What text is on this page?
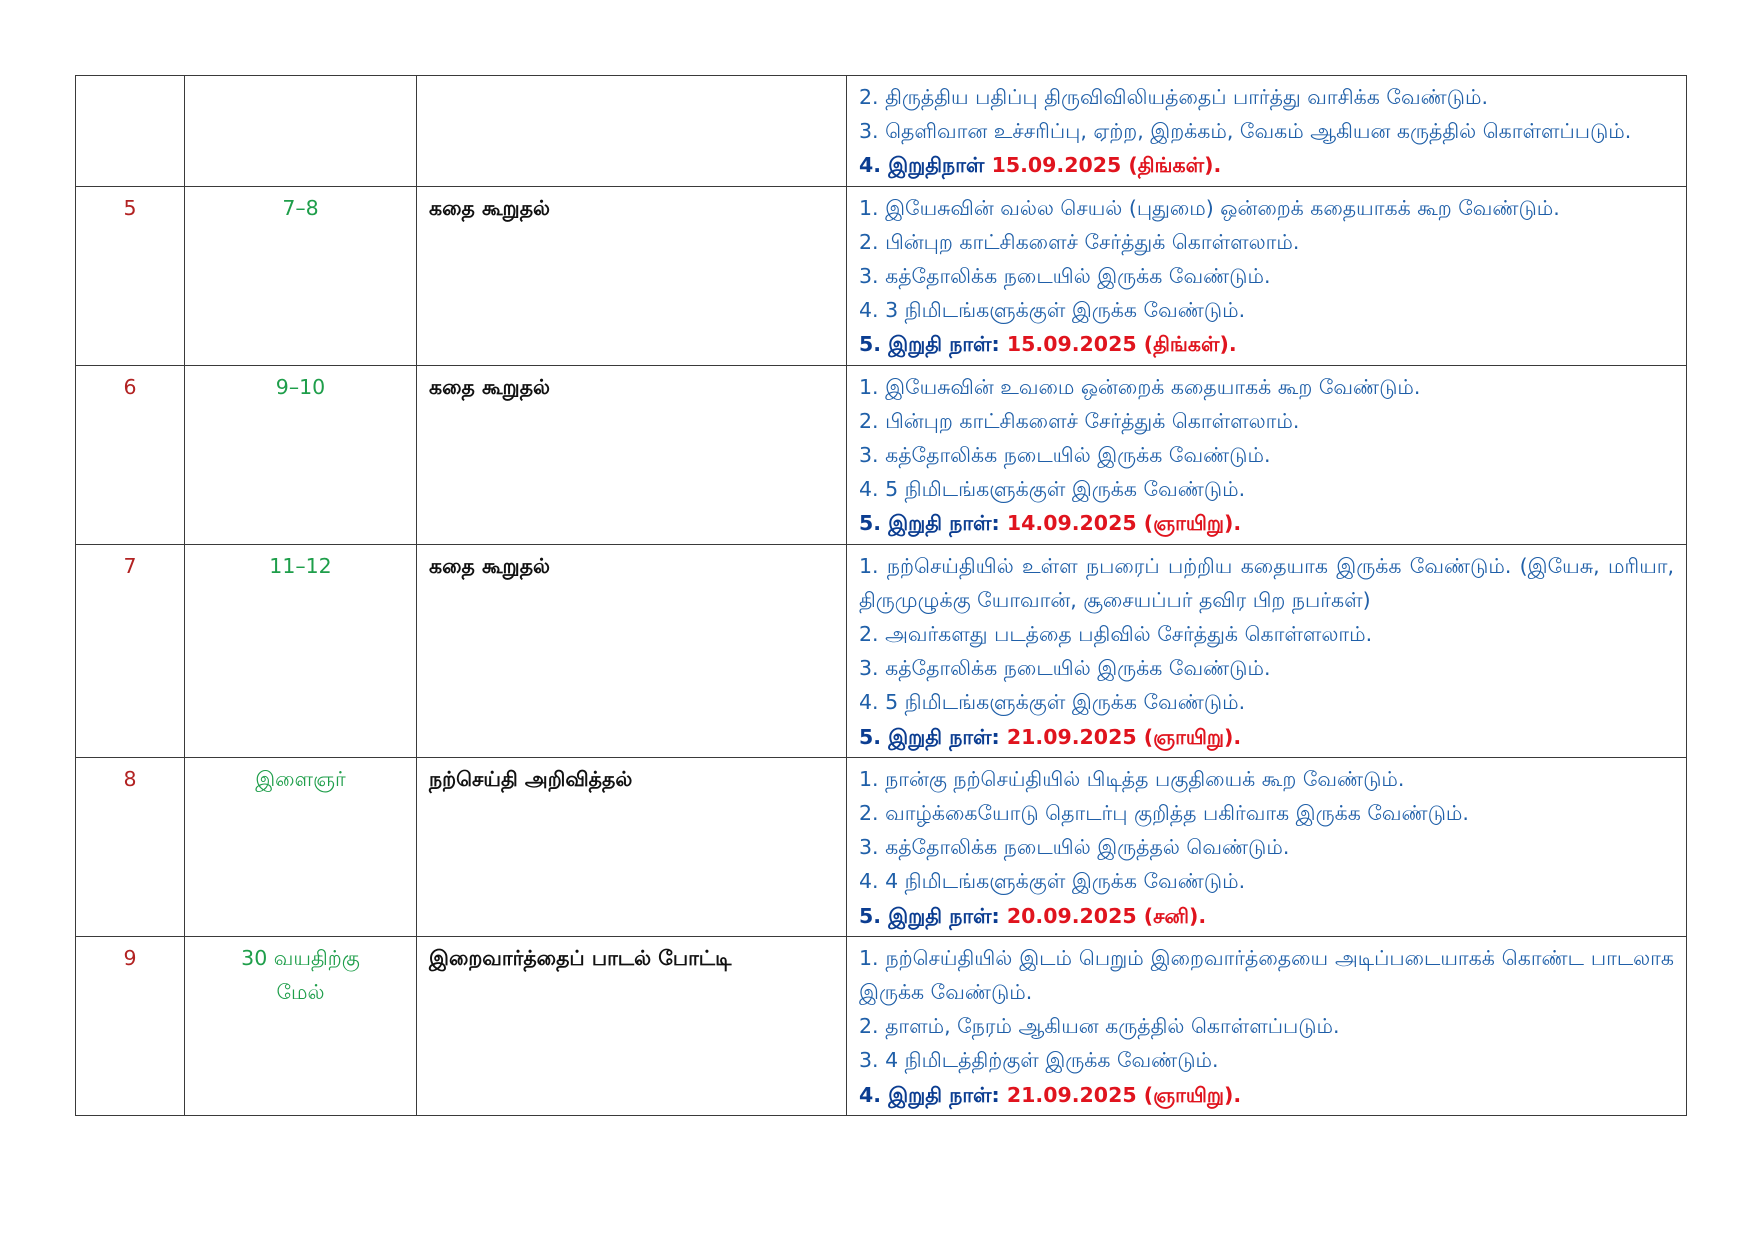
			2. திருத்திய பதிப்பு திருவிவிலியத்தைப் பார்த்து வாசிக்க வேண்டும்.
3. தெளிவான உச்சரிப்பு, ஏற்ற, இறக்கம், வேகம் ஆகியன கருத்தில் கொள்ளப்படும்.
4. இறுதிநாள் 15.09.2025 (திங்கள்).

5	7–8	கதை கூறுதல்	1. இயேசுவின் வல்ல செயல் (புதுமை) ஒன்றைக் கதையாகக் கூற வேண்டும்.
2. பின்புற காட்சிகளைச் சேர்த்துக் கொள்ளலாம்.
3. கத்தோலிக்க நடையில் இருக்க வேண்டும்.
4. 3 நிமிடங்களுக்குள் இருக்க வேண்டும்.
5. இறுதி நாள்: 15.09.2025 (திங்கள்).

6	9–10	கதை கூறுதல்	1. இயேசுவின் உவமை ஒன்றைக் கதையாகக் கூற வேண்டும்.
2. பின்புற காட்சிகளைச் சேர்த்துக் கொள்ளலாம்.
3. கத்தோலிக்க நடையில் இருக்க வேண்டும்.
4. 5 நிமிடங்களுக்குள் இருக்க வேண்டும்.
5. இறுதி நாள்: 14.09.2025 (ஞாயிறு).

7	11–12	கதை கூறுதல்	1. நற்செய்தியில் உள்ள நபரைப் பற்றிய கதையாக இருக்க வேண்டும். (இயேசு, மரியா, திருமுழுக்கு யோவான், சூசையப்பர் தவிர பிற நபர்கள்)
2. அவர்களது படத்தை பதிவில் சேர்த்துக் கொள்ளலாம்.
3. கத்தோலிக்க நடையில் இருக்க வேண்டும்.
4. 5 நிமிடங்களுக்குள் இருக்க வேண்டும்.
5. இறுதி நாள்: 21.09.2025 (ஞாயிறு).

8	இளைஞர்	நற்செய்தி அறிவித்தல்	1. நான்கு நற்செய்தியில் பிடித்த பகுதியைக் கூற வேண்டும்.
2. வாழ்க்கையோடு தொடர்பு குறித்த பகிர்வாக இருக்க வேண்டும்.
3. கத்தோலிக்க நடையில் இருத்தல் வெண்டும்.
4. 4 நிமிடங்களுக்குள் இருக்க வேண்டும்.
5. இறுதி நாள்: 20.09.2025 (சனி).

9	30 வயதிற்கு
மேல்	இறைவார்த்தைப் பாடல் போட்டி	1. நற்செய்தியில் இடம் பெறும் இறைவார்த்தையை அடிப்படையாகக் கொண்ட பாடலாக இருக்க வேண்டும்.
2. தாளம், நேரம் ஆகியன கருத்தில் கொள்ளப்படும்.
3. 4 நிமிடத்திற்குள் இருக்க வேண்டும்.
4. இறுதி நாள்: 21.09.2025 (ஞாயிறு).
